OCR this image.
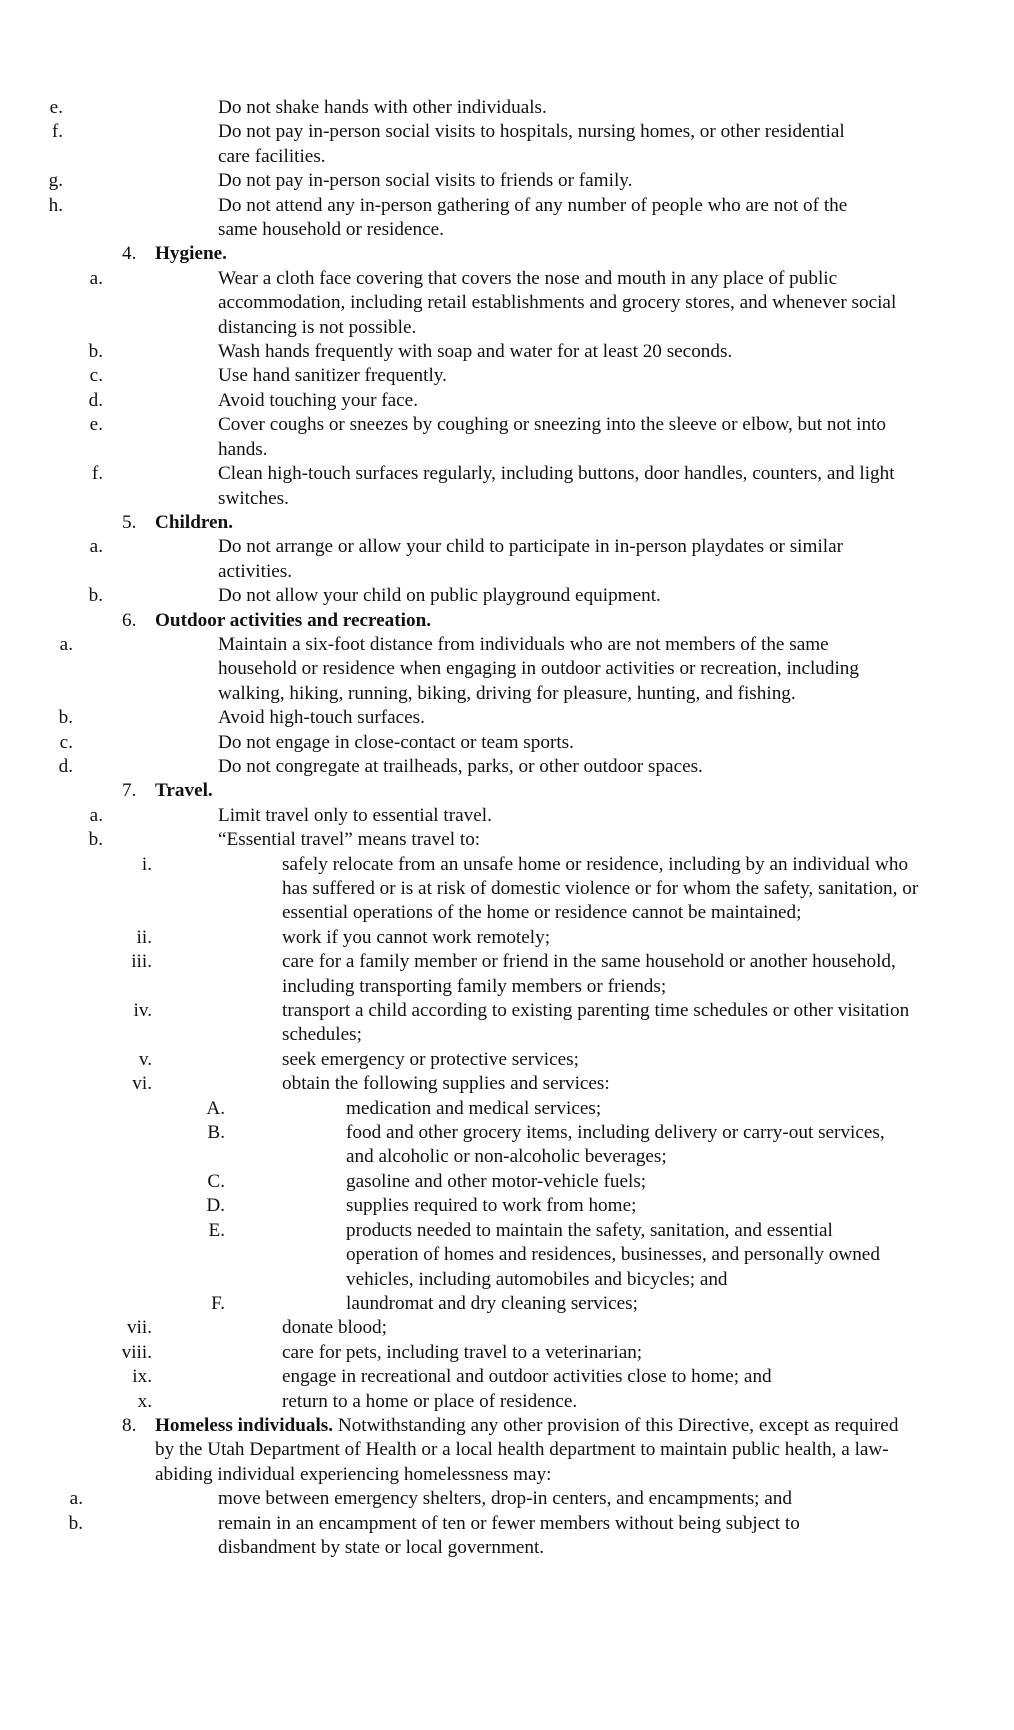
e.	Do not shake hands with other individuals.
f.	Do not pay in-person social visits to hospitals, nursing homes, or other residential care facilities.
g.	Do not pay in-person social visits to friends or family.
h.	Do not attend any in-person gathering of any number of people who are not of the same household or residence.
4. Hygiene.
a.	Wear a cloth face covering that covers the nose and mouth in any place of public accommodation, including retail establishments and grocery stores, and whenever social distancing is not possible.
b.	Wash hands frequently with soap and water for at least 20 seconds.
c.	Use hand sanitizer frequently.
d.	Avoid touching your face.
e.	Cover coughs or sneezes by coughing or sneezing into the sleeve or elbow, but not into hands.
f.	Clean high-touch surfaces regularly, including buttons, door handles, counters, and light switches.
5. Children.
a.	Do not arrange or allow your child to participate in in-person playdates or similar activities.
b.	Do not allow your child on public playground equipment.
6. Outdoor activities and recreation.
a.	Maintain a six-foot distance from individuals who are not members of the same household or residence when engaging in outdoor activities or recreation, including walking, hiking, running, biking, driving for pleasure, hunting, and fishing.
b.	Avoid high-touch surfaces.
c.	Do not engage in close-contact or team sports.
d.	Do not congregate at trailheads, parks, or other outdoor spaces.
7. Travel.
a.	Limit travel only to essential travel.
b.	“Essential travel” means travel to:
i.	safely relocate from an unsafe home or residence, including by an individual who has suffered or is at risk of domestic violence or for whom the safety, sanitation, or essential operations of the home or residence cannot be maintained;
ii.	work if you cannot work remotely;
iii.	care for a family member or friend in the same household or another household, including transporting family members or friends;
iv.	transport a child according to existing parenting time schedules or other visitation schedules;
v.	seek emergency or protective services;
vi.	obtain the following supplies and services:
A.	medication and medical services;
B.	food and other grocery items, including delivery or carry-out services, and alcoholic or non-alcoholic beverages;
C.	gasoline and other motor-vehicle fuels;
D.	supplies required to work from home;
E.	products needed to maintain the safety, sanitation, and essential operation of homes and residences, businesses, and personally owned vehicles, including automobiles and bicycles; and
F.	laundromat and dry cleaning services;
vii.	donate blood;
viii.	care for pets, including travel to a veterinarian;
ix.	engage in recreational and outdoor activities close to home; and
x.	return to a home or place of residence.
8. Homeless individuals. Notwithstanding any other provision of this Directive, except as required by the Utah Department of Health or a local health department to maintain public health, a law-abiding individual experiencing homelessness may:
a.	move between emergency shelters, drop-in centers, and encampments; and
b.	remain in an encampment of ten or fewer members without being subject to disbandment by state or local government.
